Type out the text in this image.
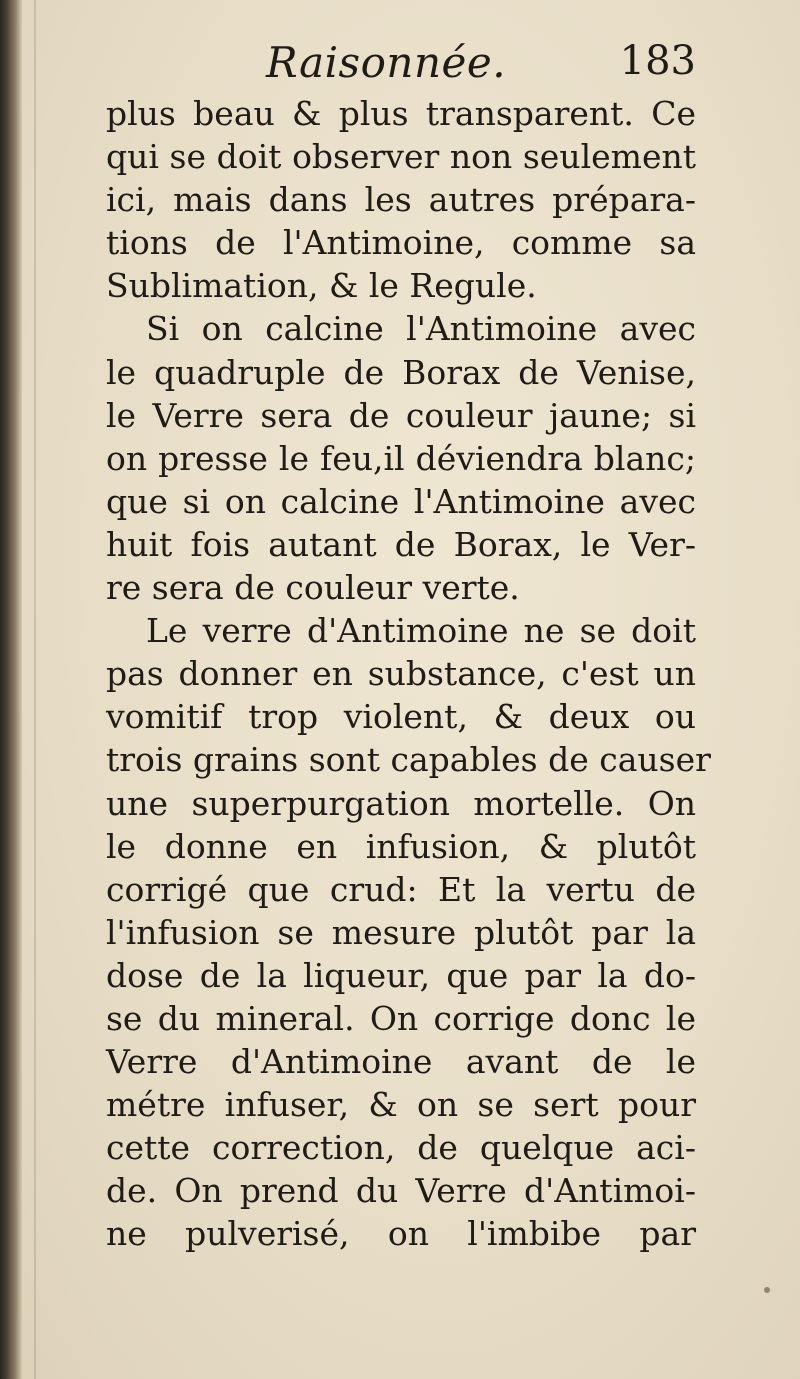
Raisonnée.	183
plus beau & plus transparent. Ce
qui se doit observer non seulement
ici, mais dans les autres prépara-
tions de l'Antimoine, comme sa
Sublimation, & le Regule.
Si on calcine l'Antimoine avec
le quadruple de Borax de Venise,
le Verre sera de couleur jaune; si
on presse le feu,il déviendra blanc;
que si on calcine l'Antimoine avec
huit fois autant de Borax, le Ver-
re sera de couleur verte.
Le verre d'Antimoine ne se doit
pas donner en substance, c'est un
vomitif trop violent, & deux ou
trois grains sont capables de causer
une superpurgation mortelle. On
le donne en infusion, & plutôt
corrigé que crud: Et la vertu de
l'infusion se mesure plutôt par la
dose de la liqueur, que par la do-
se du mineral. On corrige donc le
Verre d'Antimoine avant de le
métre infuser, & on se sert pour
cette correction, de quelque aci-
de. On prend du Verre d'Antimoi-
ne pulverisé, on l'imbibe par
